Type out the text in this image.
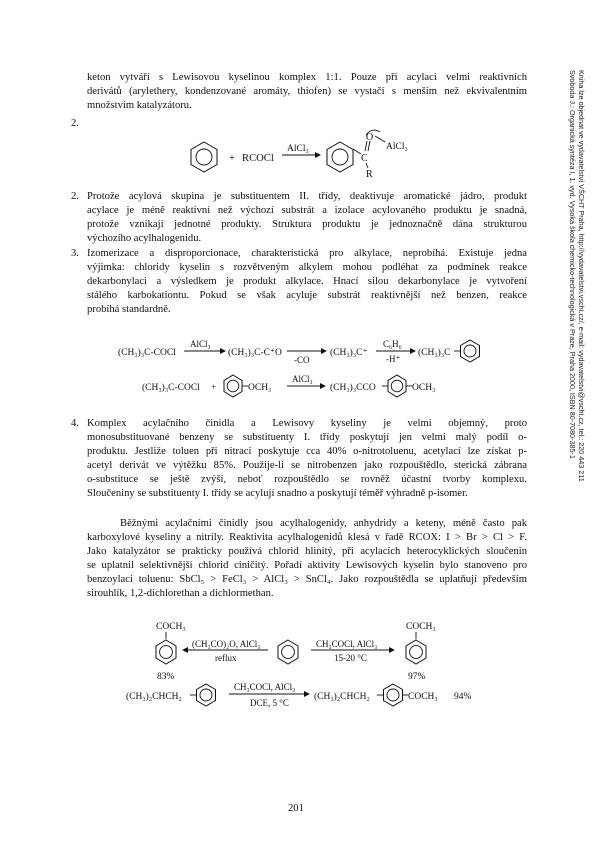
Svoboda J.: Organická syntéza I, 1. vyd. Vysoká škola chemicko-technologická v Praze, Praha 2000, ISBN 80-7080-385-1 Kniha lze objednat ve vydavatelství VŠCHT Praha, http://vydavatelstvi.vscht.cz/, e-mail: vydavatelstvi@vscht.cz, tel.: 220 443 211
keton vytváří s Lewisovou kyselinou komplex 1:1. Pouze při acylaci velmi reaktivních
derivátů (arylethery, kondenzované aromáty, thiofen) se vystačí s menším než ekvivalentním
množstvím katalyzátoru.
2.
+ RCOCl
AlCl₃
C
O
AlCl₃
R
2. Protože acylová skupina je substituentem II. třídy, deaktivuje aromatické jádro, produkt
acylace je méně reaktivní než výchozí substrát a izolace acylovaného produktu je snadná,
protože vznikají jednotné produkty. Struktura produktu je jednoznačně dána strukturou
výchozího acylhalogenidu.
3. Izomerizace a disproporcionace, charakteristická pro alkylace, neprobíhá. Existuje jedna
výjimka: chloridy kyselin s rozvětveným alkylem mohou podléhat za podmínek reakce
dekarbonylaci a výsledkem je produkt alkylace. Hnací silou dekarbonylace je vytvoření
stálého karbokationtu. Pokud se však acyluje substrát reaktivnější než benzen, reakce
probíhá standardně.
(CH₃)₃C-COCl
AlCl₃
(CH₃)₃C-C⁺O
-CO
(CH₃)₃C⁺
C₆H₆
-H⁺
(CH₃)₃C
(CH₃)₃C-COCl +	OCH₃
AlCl₃
(CH₃)₃CCO	OCH₃
4. Komplex acylačního činidla a Lewisovy kyseliny je velmi objemný, proto
monosubstituované benzeny se substituenty I. třídy poskytují jen velmi malý podíl o-
produktu. Jestliže toluen při nitraci poskytuje cca 40% o-nitrotoluenu, acetylací lze získat p-
acetyl derivát ve výtěžku 85%. Použije-li se nitrobenzen jako rozpouštědlo, sterická zábrana
o-substituce se ještě zvýší, neboť rozpouštědlo se rovněž účastní tvorby komplexu.
Sloučeniny se substituenty I. třídy se acylují snadno a poskytují téměř výhradně p-isomer.
Běžnými acylačními činidly jsou acylhalogenidy, anhydridy a keteny, méně často pak
karboxylové kyseliny a nitrily. Reaktivita acylhalogenidů klesá v řadě RCOX: I > Br > Cl > F.
Jako katalyzátor se prakticky používá chlorid hlinitý, při acylacích heterocyklických sloučenin
se uplatnil selektivnější chlorid ciničitý. Pořadí aktivity Lewisových kyselin bylo stanoveno pro
benzoylaci toluenu: SbCl₅ > FeCl₃ > AlCl₃ > SnCl₄. Jako rozpouštědla se uplatňují především
sirouhlík, 1,2-dichlorethan a dichlormethan.
COCH₃
83%
(CH₃CO)₂O, AlCl₃
reflux
CH₃COCl, AlCl₃
15-20 °C
COCH₃
97%
(CH₃)₂CHCH₂
CH₃COCl, AlCl₃
DCE, 5 °C
(CH₃)₂CHCH₂	COCH₃ 94%
201
